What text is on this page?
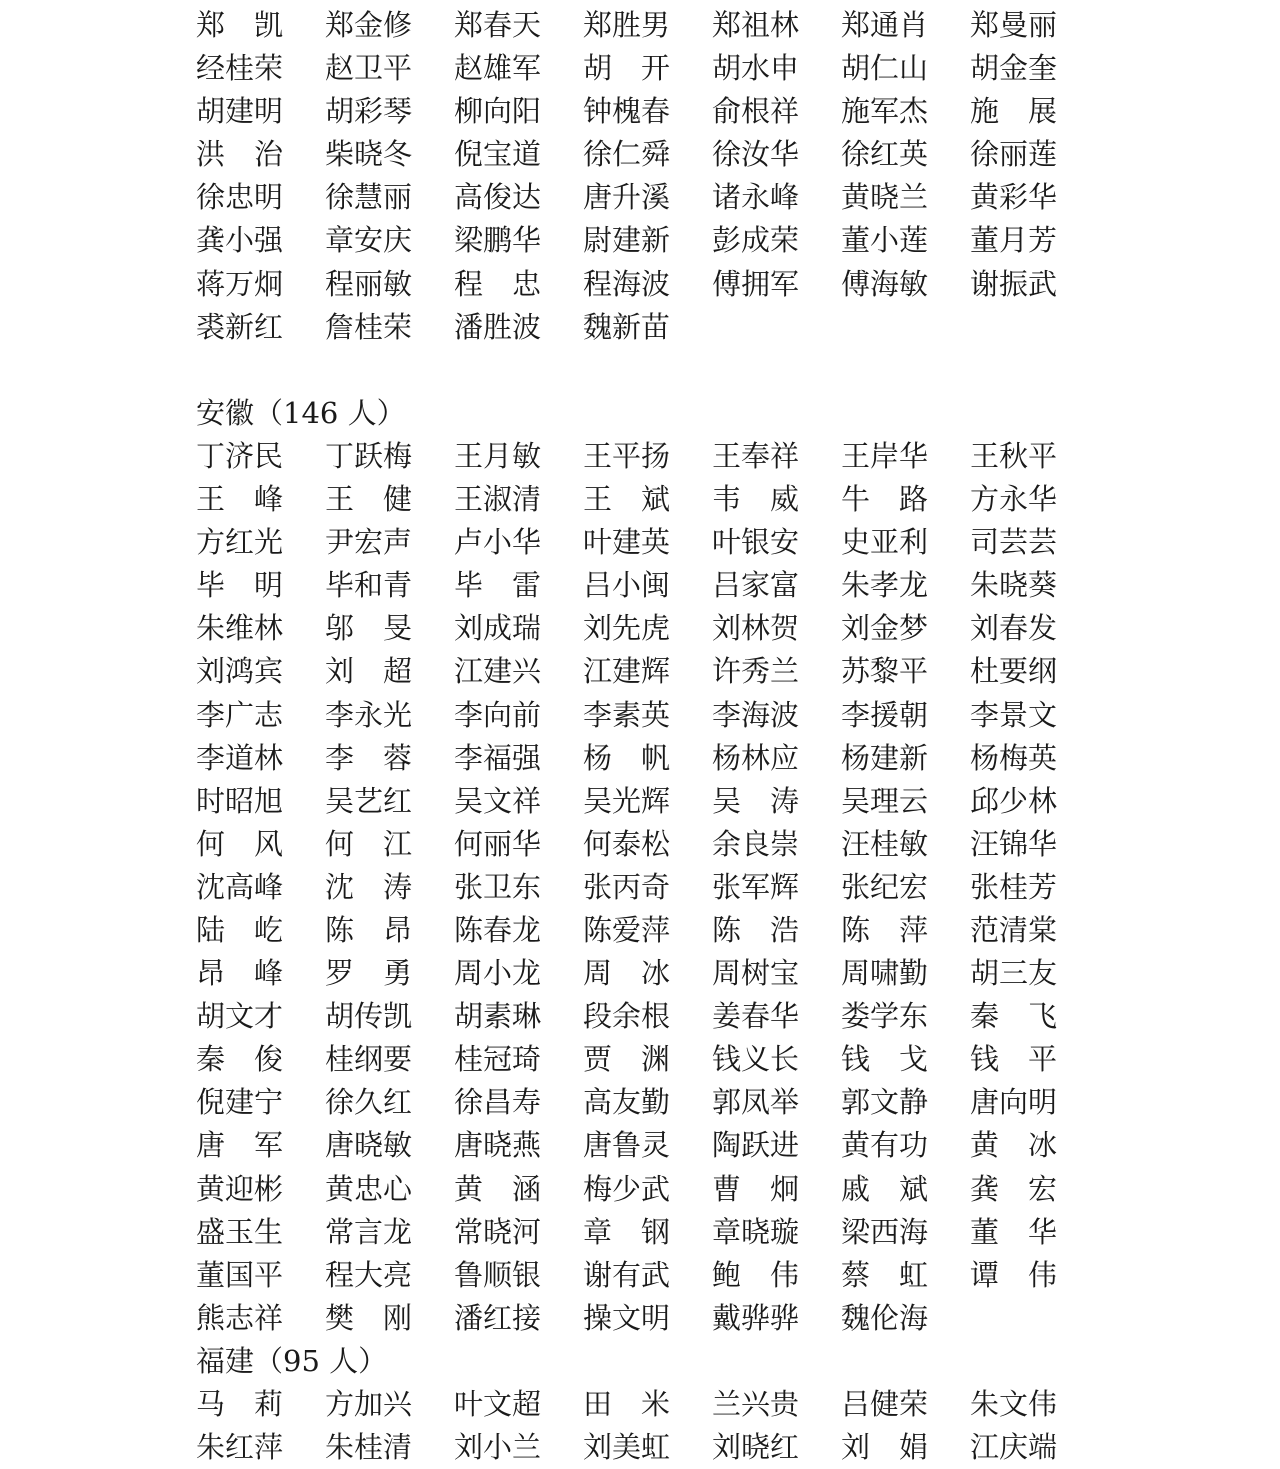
郑　凯 郑金修 郑春天 郑胜男 郑祖林 郑通肖 郑曼丽
经桂荣 赵卫平 赵雄军 胡　开 胡水申 胡仁山 胡金奎
胡建明 胡彩琴 柳向阳 钟槐春 俞根祥 施军杰 施　展
洪　治 柴晓冬 倪宝道 徐仁舜 徐汝华 徐红英 徐丽莲
徐忠明 徐慧丽 高俊达 唐升溪 诸永峰 黄晓兰 黄彩华
龚小强 章安庆 梁鹏华 尉建新 彭成荣 董小莲 董月芳
蒋万炯 程丽敏 程　忠 程海波 傅拥军 傅海敏 谢振武
裘新红 詹桂荣 潘胜波 魏新苗
安徽（146 人）
丁济民 丁跃梅 王月敏 王平扬 王奉祥 王岸华 王秋平
王　峰 王　健 王淑清 王　斌 韦　威 牛　路 方永华
方红光 尹宏声 卢小华 叶建英 叶银安 史亚利 司芸芸
毕　明 毕和青 毕　雷 吕小闽 吕家富 朱孝龙 朱晓葵
朱维林 邬　旻 刘成瑞 刘先虎 刘林贺 刘金梦 刘春发
刘鸿宾 刘　超 江建兴 江建辉 许秀兰 苏黎平 杜要纲
李广志 李永光 李向前 李素英 李海波 李援朝 李景文
李道林 李　蓉 李福强 杨　帆 杨林应 杨建新 杨梅英
时昭旭 吴艺红 吴文祥 吴光辉 吴　涛 吴理云 邱少林
何　风 何　江 何丽华 何泰松 余良崇 汪桂敏 汪锦华
沈高峰 沈　涛 张卫东 张丙奇 张军辉 张纪宏 张桂芳
陆　屹 陈　昂 陈春龙 陈爱萍 陈　浩 陈　萍 范清棠
昂　峰 罗　勇 周小龙 周　冰 周树宝 周啸勤 胡三友
胡文才 胡传凯 胡素琳 段余根 姜春华 娄学东 秦　飞
秦　俊 桂纲要 桂冠琦 贾　渊 钱义长 钱　戈 钱　平
倪建宁 徐久红 徐昌寿 高友勤 郭凤举 郭文静 唐向明
唐　军 唐晓敏 唐晓燕 唐鲁灵 陶跃进 黄有功 黄　冰
黄迎彬 黄忠心 黄　涵 梅少武 曹　炯 戚　斌 龚　宏
盛玉生 常言龙 常晓河 章　钢 章晓璇 梁西海 董　华
董国平 程大亮 鲁顺银 谢有武 鲍　伟 蔡　虹 谭　伟
熊志祥 樊　刚 潘红接 操文明 戴骅骅 魏伦海
福建（95 人）
马　莉 方加兴 叶文超 田　米 兰兴贵 吕健荣 朱文伟
朱红萍 朱桂清 刘小兰 刘美虹 刘晓红 刘　娟 江庆端
